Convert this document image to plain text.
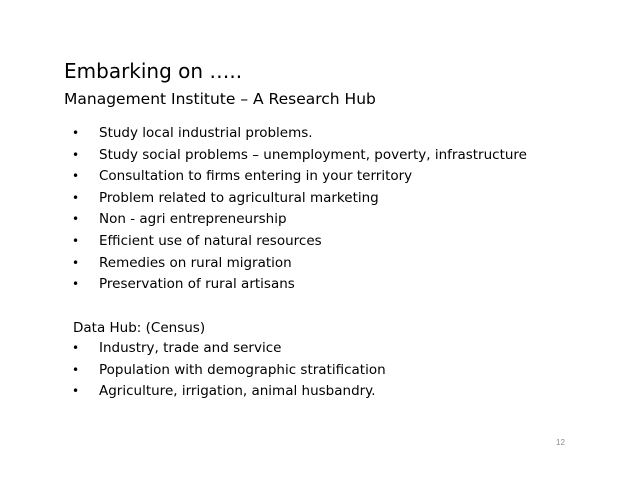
Embarking on …..
Management Institute – A Research Hub
• Study local industrial problems.
• Study social problems – unemployment, poverty, infrastructure
• Consultation to firms entering in your territory
• Problem related to agricultural marketing
• Non - agri entrepreneurship
• Efficient use of natural resources
• Remedies on rural migration
• Preservation of rural artisans
Data Hub: (Census)
• Industry, trade and service
• Population with demographic stratification
• Agriculture, irrigation, animal husbandry.
12
